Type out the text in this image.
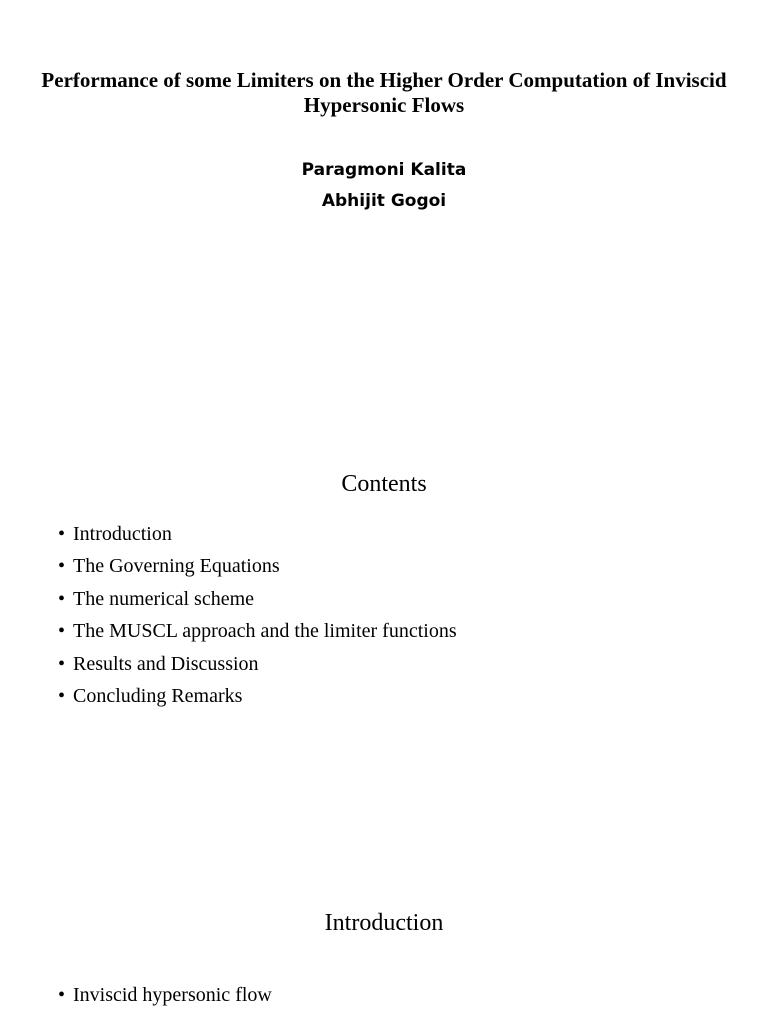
Performance of some Limiters on the Higher Order Computation of Inviscid Hypersonic Flows

Paragmoni Kalita

Abhijit Gogoi

Contents
• Introduction
• The Governing Equations
• The numerical scheme
• The MUSCL approach and the limiter functions
• Results and Discussion
• Concluding Remarks
Introduction
• Inviscid hypersonic flow
